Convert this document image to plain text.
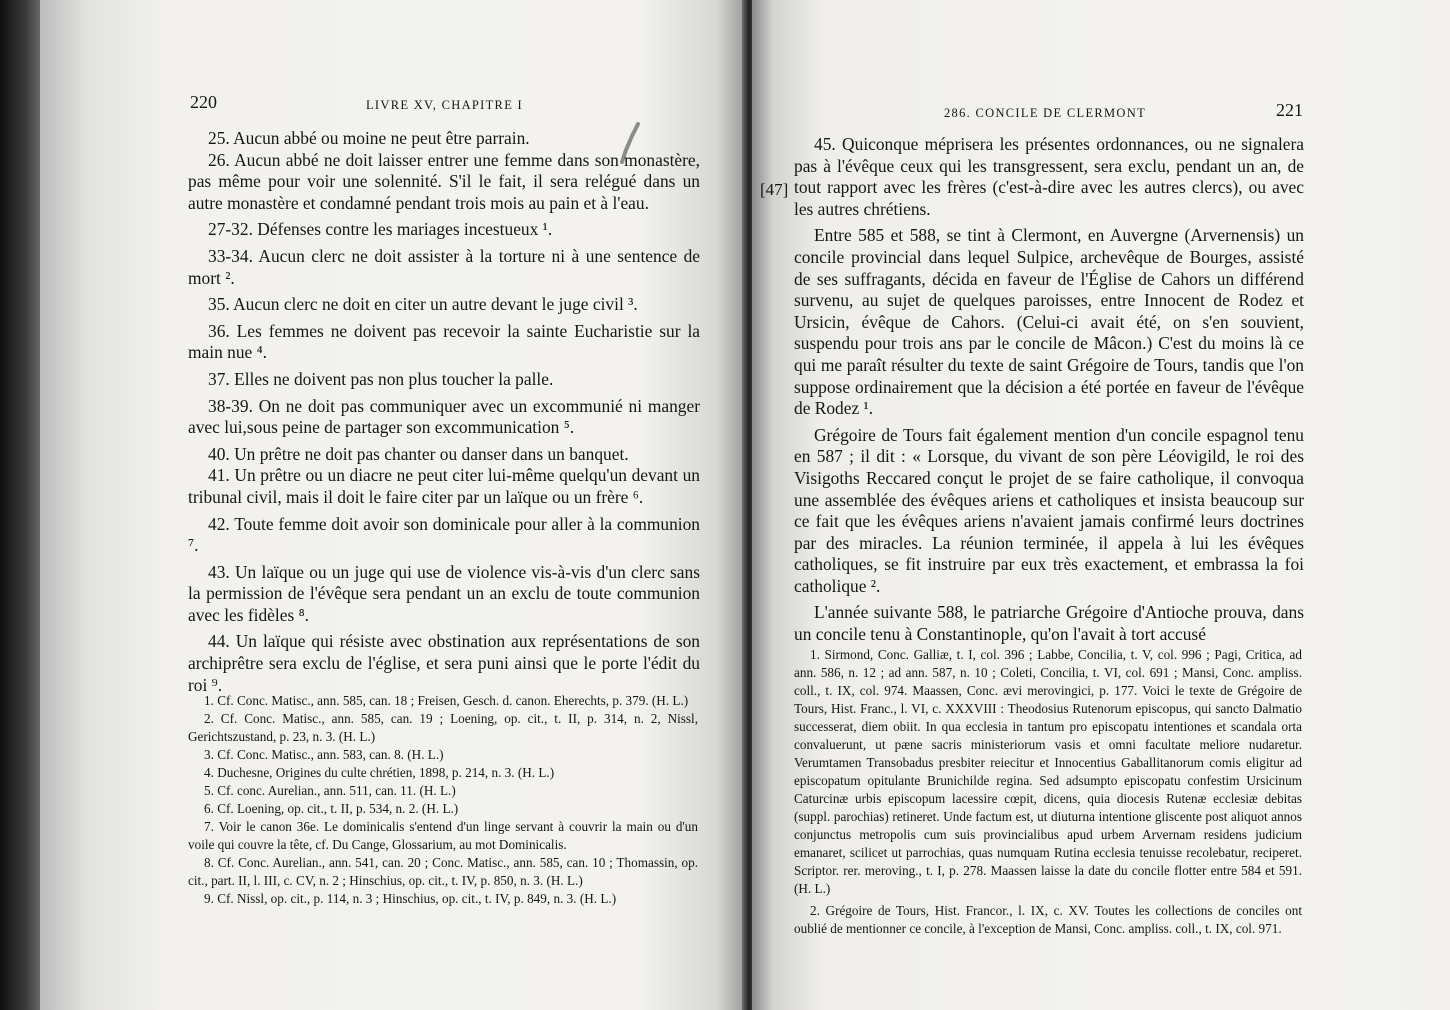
220	LIVRE XV, CHAPITRE I

25. Aucun abbé ou moine ne peut être parrain.

26. Aucun abbé ne doit laisser entrer une femme dans son monastère, pas même pour voir une solennité. S'il le fait, il sera relégué dans un autre monastère et condamné pendant trois mois au pain et à l'eau.

27-32. Défenses contre les mariages incestueux ¹.

33-34. Aucun clerc ne doit assister à la torture ni à une sentence de mort ².

35. Aucun clerc ne doit en citer un autre devant le juge civil ³.

36. Les femmes ne doivent pas recevoir la sainte Eucharistie sur la main nue ⁴.

37. Elles ne doivent pas non plus toucher la palle.

38-39. On ne doit pas communiquer avec un excommunié ni manger avec lui,sous peine de partager son excommunication ⁵.

40. Un prêtre ne doit pas chanter ou danser dans un banquet.

41. Un prêtre ou un diacre ne peut citer lui-même quelqu'un devant un tribunal civil, mais il doit le faire citer par un laïque ou un frère ⁶.

42. Toute femme doit avoir son dominicale pour aller à la communion ⁷.

43. Un laïque ou un juge qui use de violence vis-à-vis d'un clerc sans la permission de l'évêque sera pendant un an exclu de toute communion avec les fidèles ⁸.

44. Un laïque qui résiste avec obstination aux représentations de son archiprêtre sera exclu de l'église, et sera puni ainsi que le porte l'édit du roi ⁹.

1. Cf. Conc. Matisc., ann. 585, can. 18 ; Freisen, Gesch. d. canon. Eherechts, p. 379. (H. L.)

2. Cf. Conc. Matisc., ann. 585, can. 19 ; Loening, op. cit., t. II, p. 314, n. 2, Nissl, Gerichtszustand, p. 23, n. 3. (H. L.)

3. Cf. Conc. Matisc., ann. 583, can. 8. (H. L.)

4. Duchesne, Origines du culte chrétien, 1898, p. 214, n. 3. (H. L.)

5. Cf. conc. Aurelian., ann. 511, can. 11. (H. L.)

6. Cf. Loening, op. cit., t. II, p. 534, n. 2. (H. L.)

7. Voir le canon 36e. Le dominicalis s'entend d'un linge servant à couvrir la main ou d'un voile qui couvre la tête, cf. Du Cange, Glossarium, au mot Dominicalis.

8. Cf. Conc. Aurelian., ann. 541, can. 20 ; Conc. Matisc., ann. 585, can. 10 ; Thomassin, op. cit., part. II, l. III, c. CV, n. 2 ; Hinschius, op. cit., t. IV, p. 850, n. 3. (H. L.)

9. Cf. Nissl, op. cit., p. 114, n. 3 ; Hinschius, op. cit., t. IV, p. 849, n. 3. (H. L.)

286. CONCILE DE CLERMONT	221
[47]

45. Quiconque méprisera les présentes ordonnances, ou ne signalera pas à l'évêque ceux qui les transgressent, sera exclu, pendant un an, de tout rapport avec les frères (c'est-à-dire avec les autres clercs), ou avec les autres chrétiens.

Entre 585 et 588, se tint à Clermont, en Auvergne (Arvernensis) un concile provincial dans lequel Sulpice, archevêque de Bourges, assisté de ses suffragants, décida en faveur de l'Église de Cahors un différend survenu, au sujet de quelques paroisses, entre Innocent de Rodez et Ursicin, évêque de Cahors. (Celui-ci avait été, on s'en souvient, suspendu pour trois ans par le concile de Mâcon.) C'est du moins là ce qui me paraît résulter du texte de saint Grégoire de Tours, tandis que l'on suppose ordinairement que la décision a été portée en faveur de l'évêque de Rodez ¹.

Grégoire de Tours fait également mention d'un concile espagnol tenu en 587 ; il dit : « Lorsque, du vivant de son père Léovigild, le roi des Visigoths Reccared conçut le projet de se faire catholique, il convoqua une assemblée des évêques ariens et catholiques et insista beaucoup sur ce fait que les évêques ariens n'avaient jamais confirmé leurs doctrines par des miracles. La réunion terminée, il appela à lui les évêques catholiques, se fit instruire par eux très exactement, et embrassa la foi catholique ².

L'année suivante 588, le patriarche Grégoire d'Antioche prouva, dans un concile tenu à Constantinople, qu'on l'avait à tort accusé

1. Sirmond, Conc. Galliæ, t. I, col. 396 ; Labbe, Concilia, t. V, col. 996 ; Pagi, Critica, ad ann. 586, n. 12 ; ad ann. 587, n. 10 ; Coleti, Concilia, t. VI, col. 691 ; Mansi, Conc. ampliss. coll., t. IX, col. 974. Maassen, Conc. ævi merovingici, p. 177. Voici le texte de Grégoire de Tours, Hist. Franc., l. VI, c. XXXVIII : Theodosius Rutenorum episcopus, qui sancto Dalmatio successerat, diem obiit. In qua ecclesia in tantum pro episcopatu intentiones et scandala orta convaluerunt, ut pæne sacris ministeriorum vasis et omni facultate meliore nudaretur. Verumtamen Transobadus presbiter reiecitur et Innocentius Gaballitanorum comis eligitur ad episcopatum opitulante Brunichilde regina. Sed adsumpto episcopatu confestim Ursicinum Caturcinæ urbis episcopum lacessire cœpit, dicens, quia diocesis Rutenæ ecclesiæ debitas (suppl. parochias) retineret. Unde factum est, ut diuturna intentione gliscente post aliquot annos conjunctus metropolis cum suis provincialibus apud urbem Arvernam residens judicium emanaret, scilicet ut parrochias, quas numquam Rutina ecclesia tenuisse recolebatur, reciperet. Scriptor. rer. meroving., t. I, p. 278. Maassen laisse la date du concile flotter entre 584 et 591. (H. L.)

2. Grégoire de Tours, Hist. Francor., l. IX, c. XV. Toutes les collections de conciles ont oublié de mentionner ce concile, à l'exception de Mansi, Conc. ampliss. coll., t. IX, col. 971.
